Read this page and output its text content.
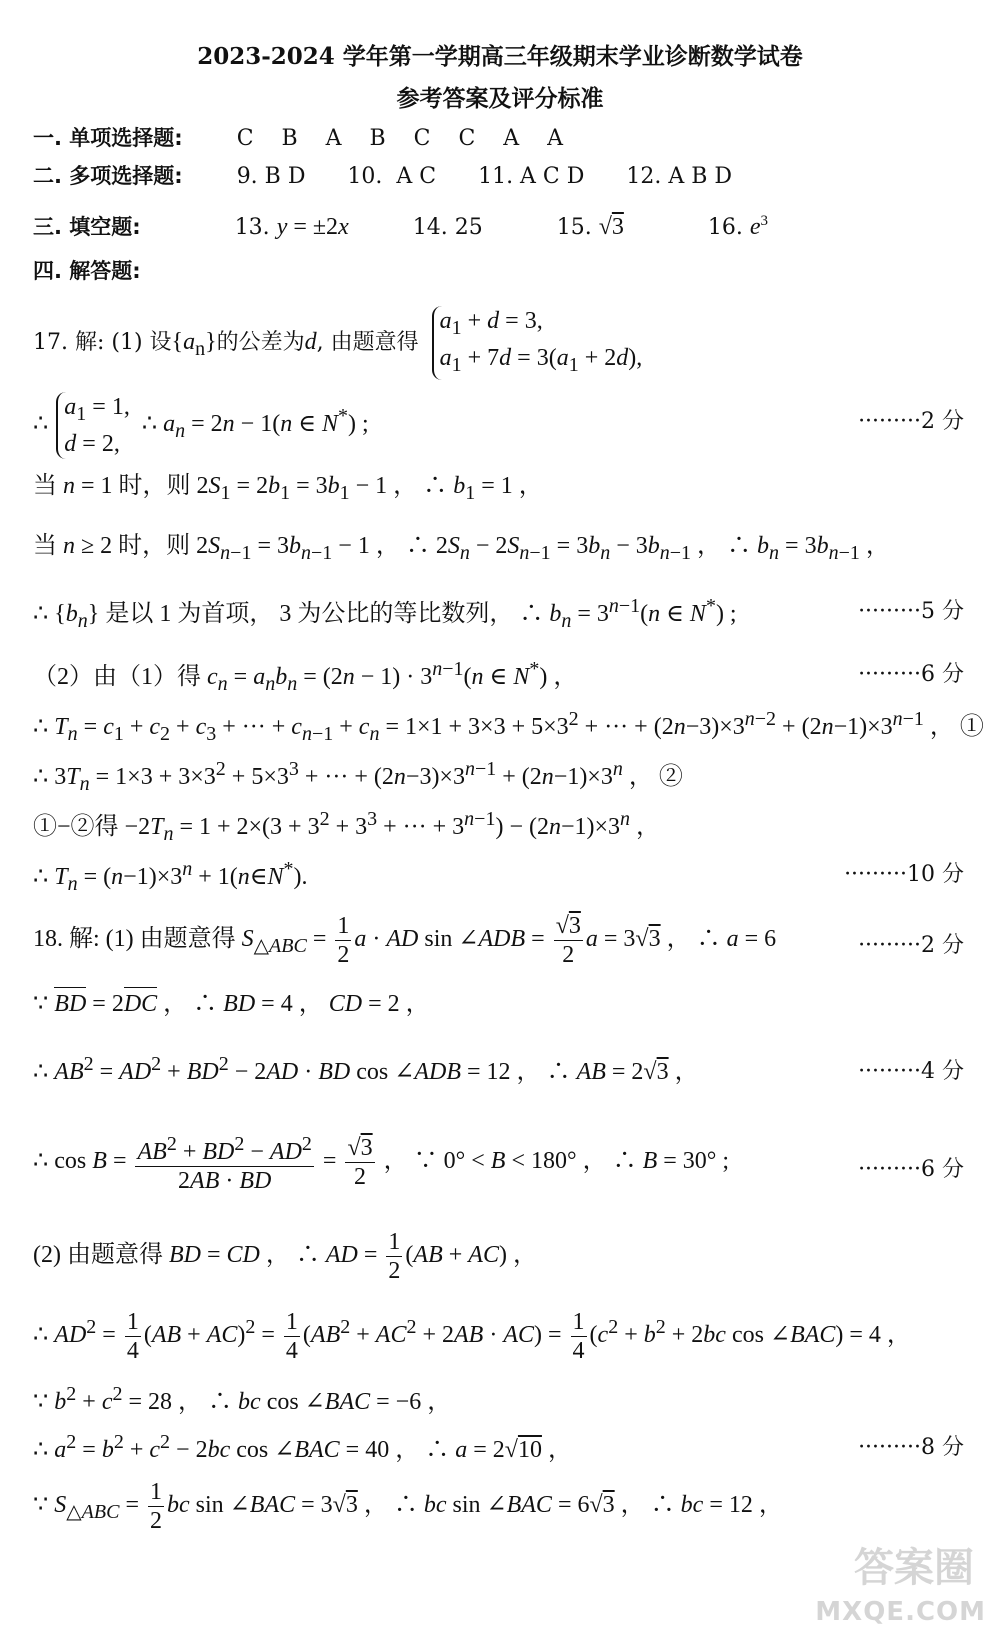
2023-2024 学年第一学期高三年级期末学业诊断数学试卷
参考答案及评分标准
一. 单项选择题: C    B    A    B    C    C    A    A
二. 多项选择题: 9. B D      10.  A C      11. A C D      12. A B D
三. 填空题:	13. y = ±2x	14. 25	15. √3	16. $e^3$
四. 解答题:
17. 解: (1) 设$\{a_n\}$的公差为d, 由题意得
$a_1 + d = 3$,
$a_1 + 7d = 3(a_1 + 2d)$,
∴
$a_1 = 1$,
d = 2,
∴ $a_n = 2n - 1(n$ ∈ N*) ;	·········2 分
当 n = 1 时，则 $2S_1 = 2b_1 = 3b_1 - 1$ ， ∴ $b_1 = 1$ ，
当 n ≥ 2 时，则 $2S_{n-1} = 3b_{n-1} - 1$ ， ∴ $2S_n - 2S_{n-1} = 3b_n - 3b_{n-1}$ ， ∴ $b_n = 3b_{n-1}$ ，
∴ $\{b_n\}$ 是以 1 为首项， 3 为公比的等比数列， ∴ $b_n = 3^{n-1}(n$ ∈ N*) ;	·········5 分
（2）由（1）得 $c_n = a_nb_n = (2n - 1) \cdot 3^{n-1}(n$ ∈ N*) ，	·········6 分
∴ $T_n = c_1 + c_2 + c_3$ + ··· + $c_{n-1} + c_n = 1\times 1 + 3\times 3 + 5\times 3^2$ + ··· + $(2n-3)\times 3^{n-2} + (2n-1)\times 3^{n-1}$ ， ①
∴ $3T_n = 1\times 3 + 3\times 3^2 + 5\times 3^3$ + ··· + $(2n-3)\times 3^{n-1} + (2n-1)\times 3^n$ ， ②
①−②得 $-2T_n = 1 + 2\times(3 + 3^2 + 3^3$ + ··· + $3^{n-1}) - (2n-1)\times 3^n$ ，
∴ $T_n = (n-1)\times 3^n$ + 1(n∈N*).	·········10 分
18. 解: (1) 由题意得 $S_{\triangle ABC} = \frac{1}{2}$ a · AD sin ∠ADB = $\frac{√3}{2}$ a = 3√3 ， ∴ a = 6	·········2 分
∵
BD = 2
DC ， ∴ BD = 4 ， CD = 2 ，
∴ $AB^2 = AD^2 + BD^2 - 2AD$ · BD cos ∠ADB = 12 ， ∴ AB = 2√3 ，	·········4 分
∴ $\cos B = \frac{AB^2 + BD^2 - AD^2}{2AB \cdot BD} = \frac{√3}{2}$ ， ∵ 0° < B < 180° ， ∴ B = 30° ;	·········6 分
(2) 由题意得 BD = CD ， ∴ AD = $\frac{1}{2} (AB + AC)$ ，
∴ $AD^2 = \frac{1}{4} (AB + AC)^2 = \frac{1}{4} (AB^2 + AC^2 + 2AB \cdot AC) = \frac{1}{4} (c^2 + b^2 + 2bc$ cos ∠BAC) = 4 ，
∵ $b^2 + c^2 = 28$ ， ∴ bc cos ∠BAC = −6 ，
∴ $a^2 = b^2 + c^2 - 2bc$ cos ∠BAC = 40 ， ∴ a = 2√10 ，	·········8 分
∵ $S_{\triangle ABC} = \frac{1}{2}$ bc sin ∠BAC = 3√3 ， ∴ bc sin ∠BAC = 6√3 ， ∴ bc = 12 ，
答案圈
MXQE.COM
